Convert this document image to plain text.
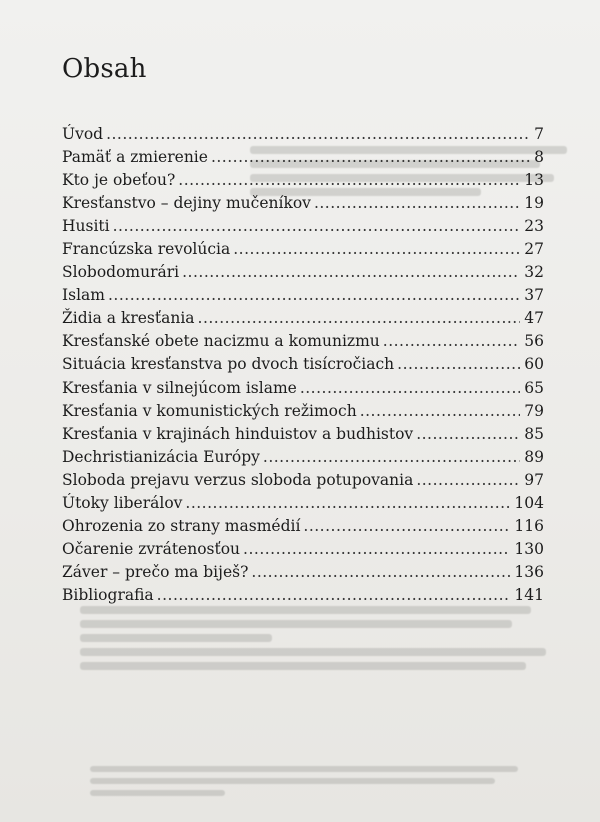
Obsah
Úvod .....	7
Pamäť a zmierenie .....	8
Kto je obeťou? .....	13
Kresťanstvo – dejiny mučeníkov .....	19
Husiti .....	23
Francúzska revolúcia .....	27
Slobodomurári .....	32
Islam .....	37
Židia a kresťania .....	47
Kresťanské obete nacizmu a komunizmu .....	56
Situácia kresťanstva po dvoch tisícročiach .....	60
Kresťania v silnejúcom islame .....	65
Kresťania v komunistických režimoch .....	79
Kresťania v krajinách hinduistov a budhistov .....	85
Dechristianizácia Európy .....	89
Sloboda prejavu verzus sloboda potupovania .....	97
Útoky liberálov .....	104
Ohrozenia zo strany masmédií .....	116
Očarenie zvrátenosťou .....	130
Záver – prečo ma biješ? .....	136
Bibliografia .....	141
